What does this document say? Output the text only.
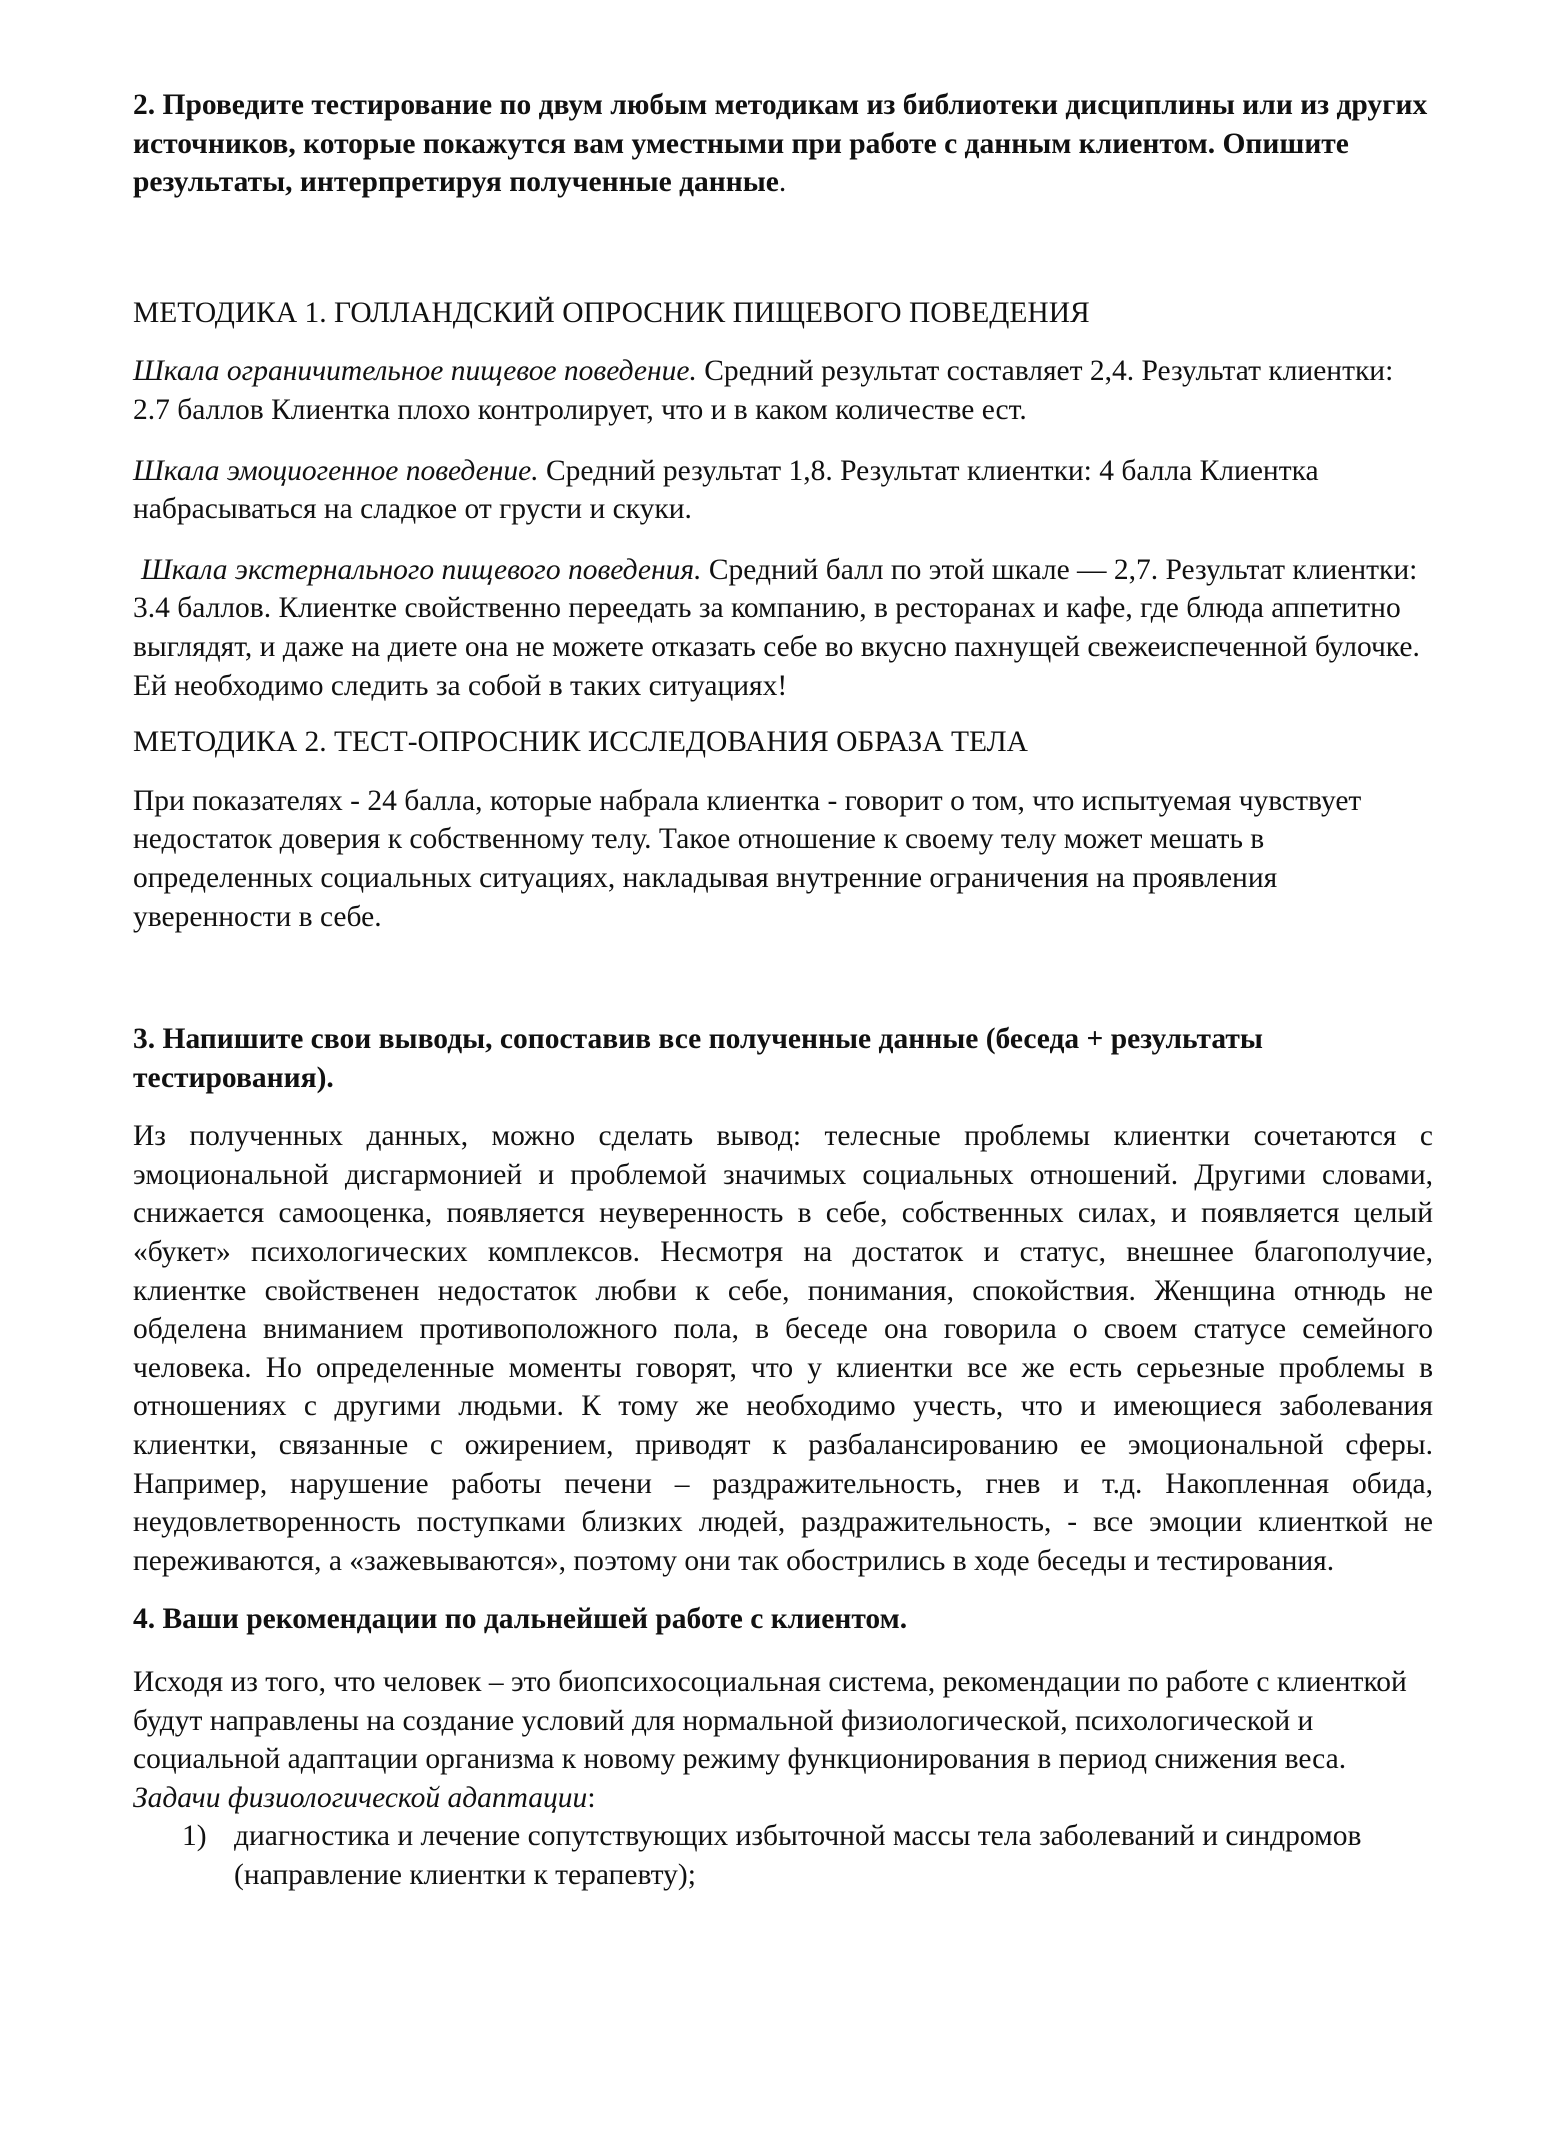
2. Проведите тестирование по двум любым методикам из библиотеки дисциплины или из других источников, которые покажутся вам уместными при работе с данным клиентом. Опишите результаты, интерпретируя полученные данные.

МЕТОДИКА 1. ГОЛЛАНДСКИЙ ОПРОСНИК ПИЩЕВОГО ПОВЕДЕНИЯ

Шкала ограничительное пищевое поведение. Средний результат составляет 2,4. Результат клиентки: 2.7 баллов Клиентка плохо контролирует, что и в каком количестве ест.

Шкала эмоциогенное поведение. Средний результат 1,8. Результат клиентки: 4 балла Клиентка набрасываться на сладкое от грусти и скуки.

Шкала экстернального пищевого поведения. Средний балл по этой шкале — 2,7. Результат клиентки: 3.4 баллов. Клиентке свойственно переедать за компанию, в ресторанах и кафе, где блюда аппетитно выглядят, и даже на диете она не можете отказать себе во вкусно пахнущей свежеиспеченной булочке. Ей необходимо следить за собой в таких ситуациях!

МЕТОДИКА 2. ТЕСТ-ОПРОСНИК ИССЛЕДОВАНИЯ ОБРАЗА ТЕЛА

При показателях - 24 балла, которые набрала клиентка - говорит о том, что испытуемая чувствует недостаток доверия к собственному телу. Такое отношение к своему телу может мешать в определенных социальных ситуациях, накладывая внутренние ограничения на проявления уверенности в себе.

3. Напишите свои выводы, сопоставив все полученные данные (беседа + результаты тестирования).

Из полученных данных, можно сделать вывод: телесные проблемы клиентки сочетаются с эмоциональной дисгармонией и проблемой значимых социальных отношений. Другими словами, снижается самооценка, появляется неуверенность в себе, собственных силах, и появляется целый «букет» психологических комплексов. Несмотря на достаток и статус, внешнее благополучие, клиентке свойственен недостаток любви к себе, понимания, спокойствия. Женщина отнюдь не обделена вниманием противоположного пола, в беседе она говорила о своем статусе семейного человека. Но определенные моменты говорят, что у клиентки все же есть серьезные проблемы в отношениях с другими людьми. К тому же необходимо учесть, что и имеющиеся заболевания клиентки, связанные с ожирением, приводят к разбалансированию ее эмоциональной сферы. Например, нарушение работы печени – раздражительность, гнев и т.д. Накопленная обида, неудовлетворенность поступками близких людей, раздражительность, - все эмоции клиенткой не переживаются, а «зажевываются», поэтому они так обострились в ходе беседы и тестирования.

4. Ваши рекомендации по дальнейшей работе с клиентом.

Исходя из того, что человек – это биопсихосоциальная система, рекомендации по работе с клиенткой будут направлены на создание условий для нормальной физиологической, психологической и социальной адаптации организма к новому режиму функционирования в период снижения веса.

Задачи физиологической адаптации:

1) диагностика и лечение сопутствующих избыточной массы тела заболеваний и синдромов (направление клиентки к терапевту);
